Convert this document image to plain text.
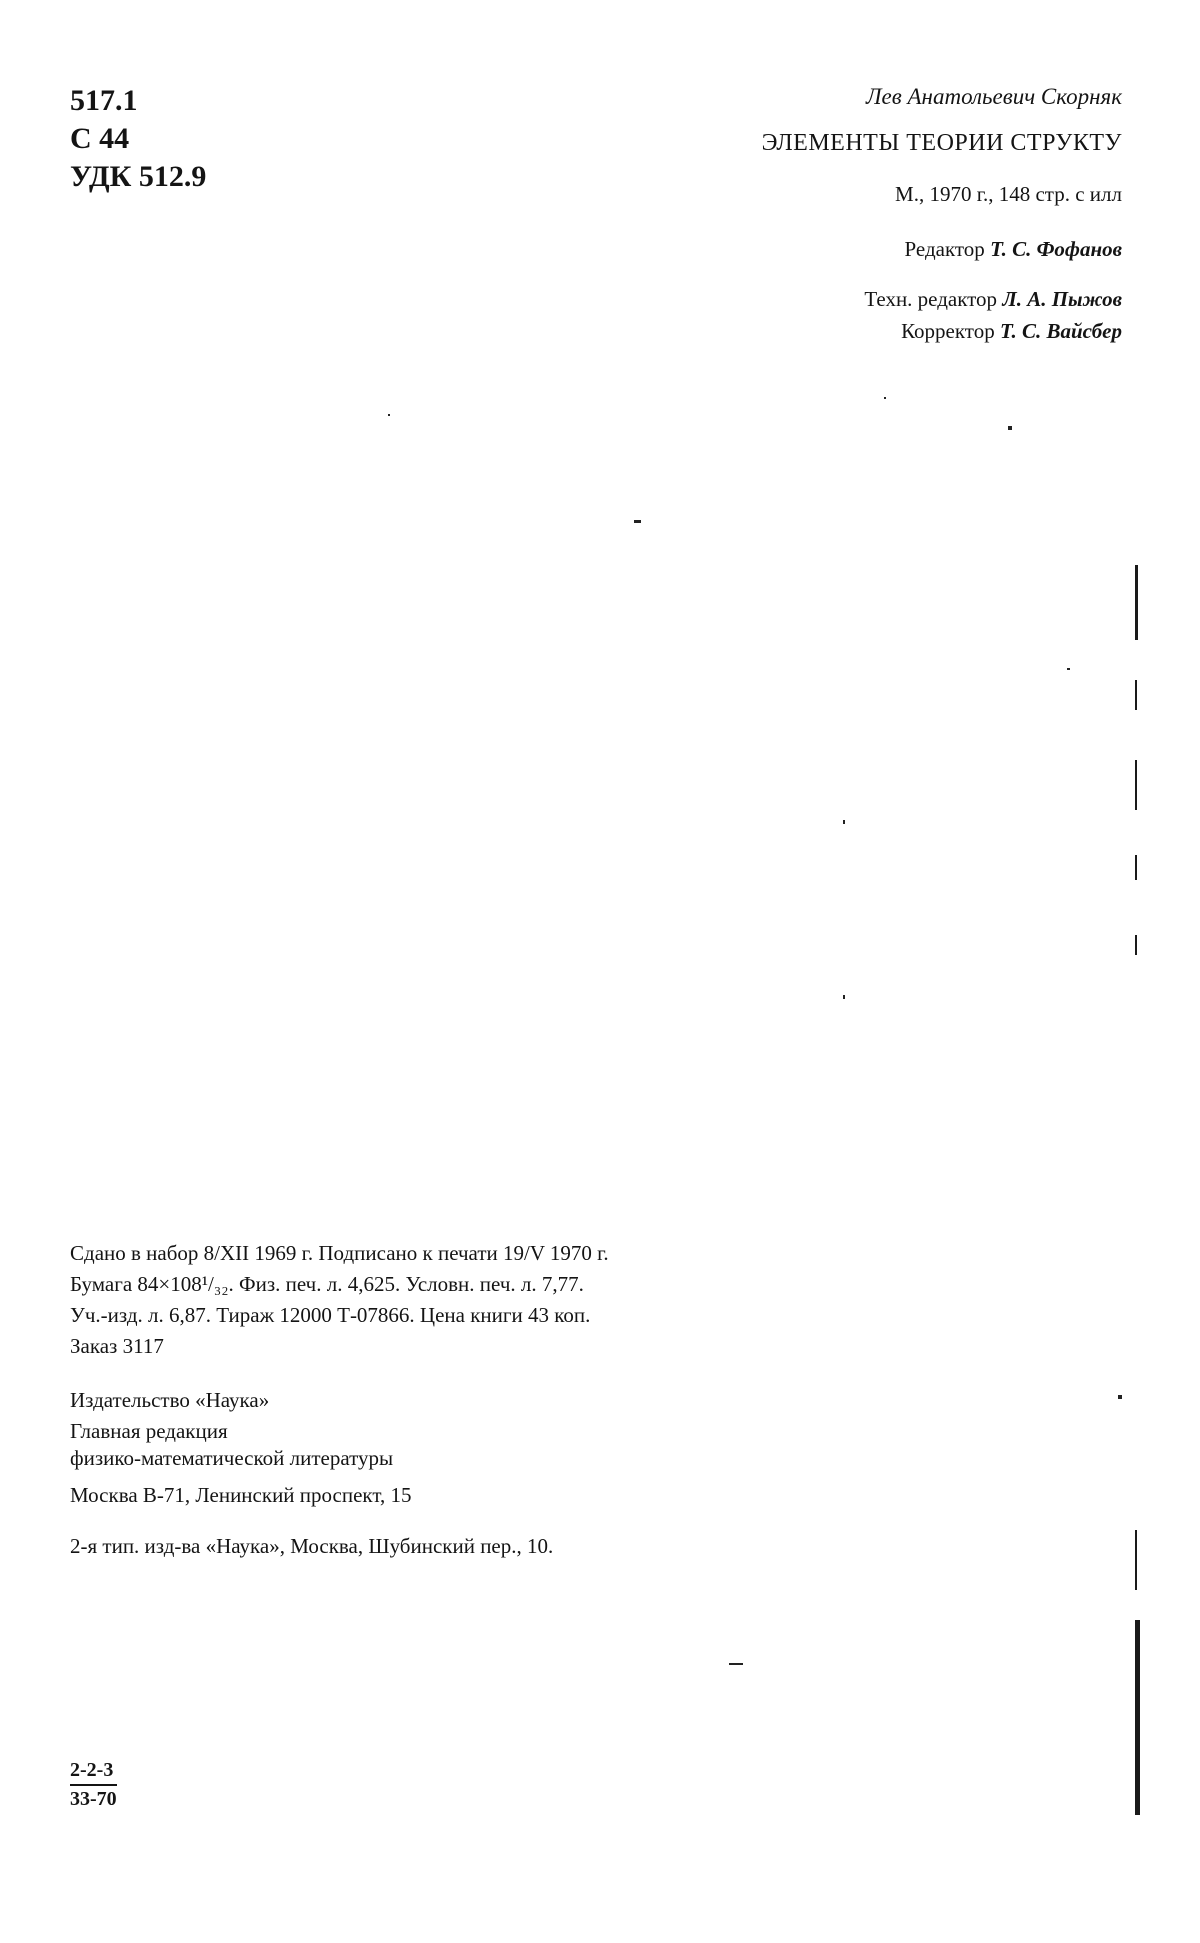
517.1
С 44
УДК 512.9
Лев Анатольевич Скорняк
ЭЛЕМЕНТЫ ТЕОРИИ СТРУКТУ
М., 1970 г., 148 стр. с илл
Редактор Т. С. Фофанов
Техн. редактор Л. А. Пыжов
Корректор Т. С. Вайсбер
Сдано в набор 8/XII 1969 г. Подписано к печати 19/V 1970 г.
Бумага 84×108¹/₃₂. Физ. печ. л. 4,625. Условн. печ. л. 7,77.
Уч.-изд. л. 6,87. Тираж 12000 Т-07866. Цена книги 43 коп.
Заказ 3117
Издательство «Наука»
Главная редакция
физико-математической литературы
Москва В-71, Ленинский проспект, 15
2-я тип. изд-ва «Наука», Москва, Шубинский пер., 10.
$\frac{2-2-3}{33-70}$
